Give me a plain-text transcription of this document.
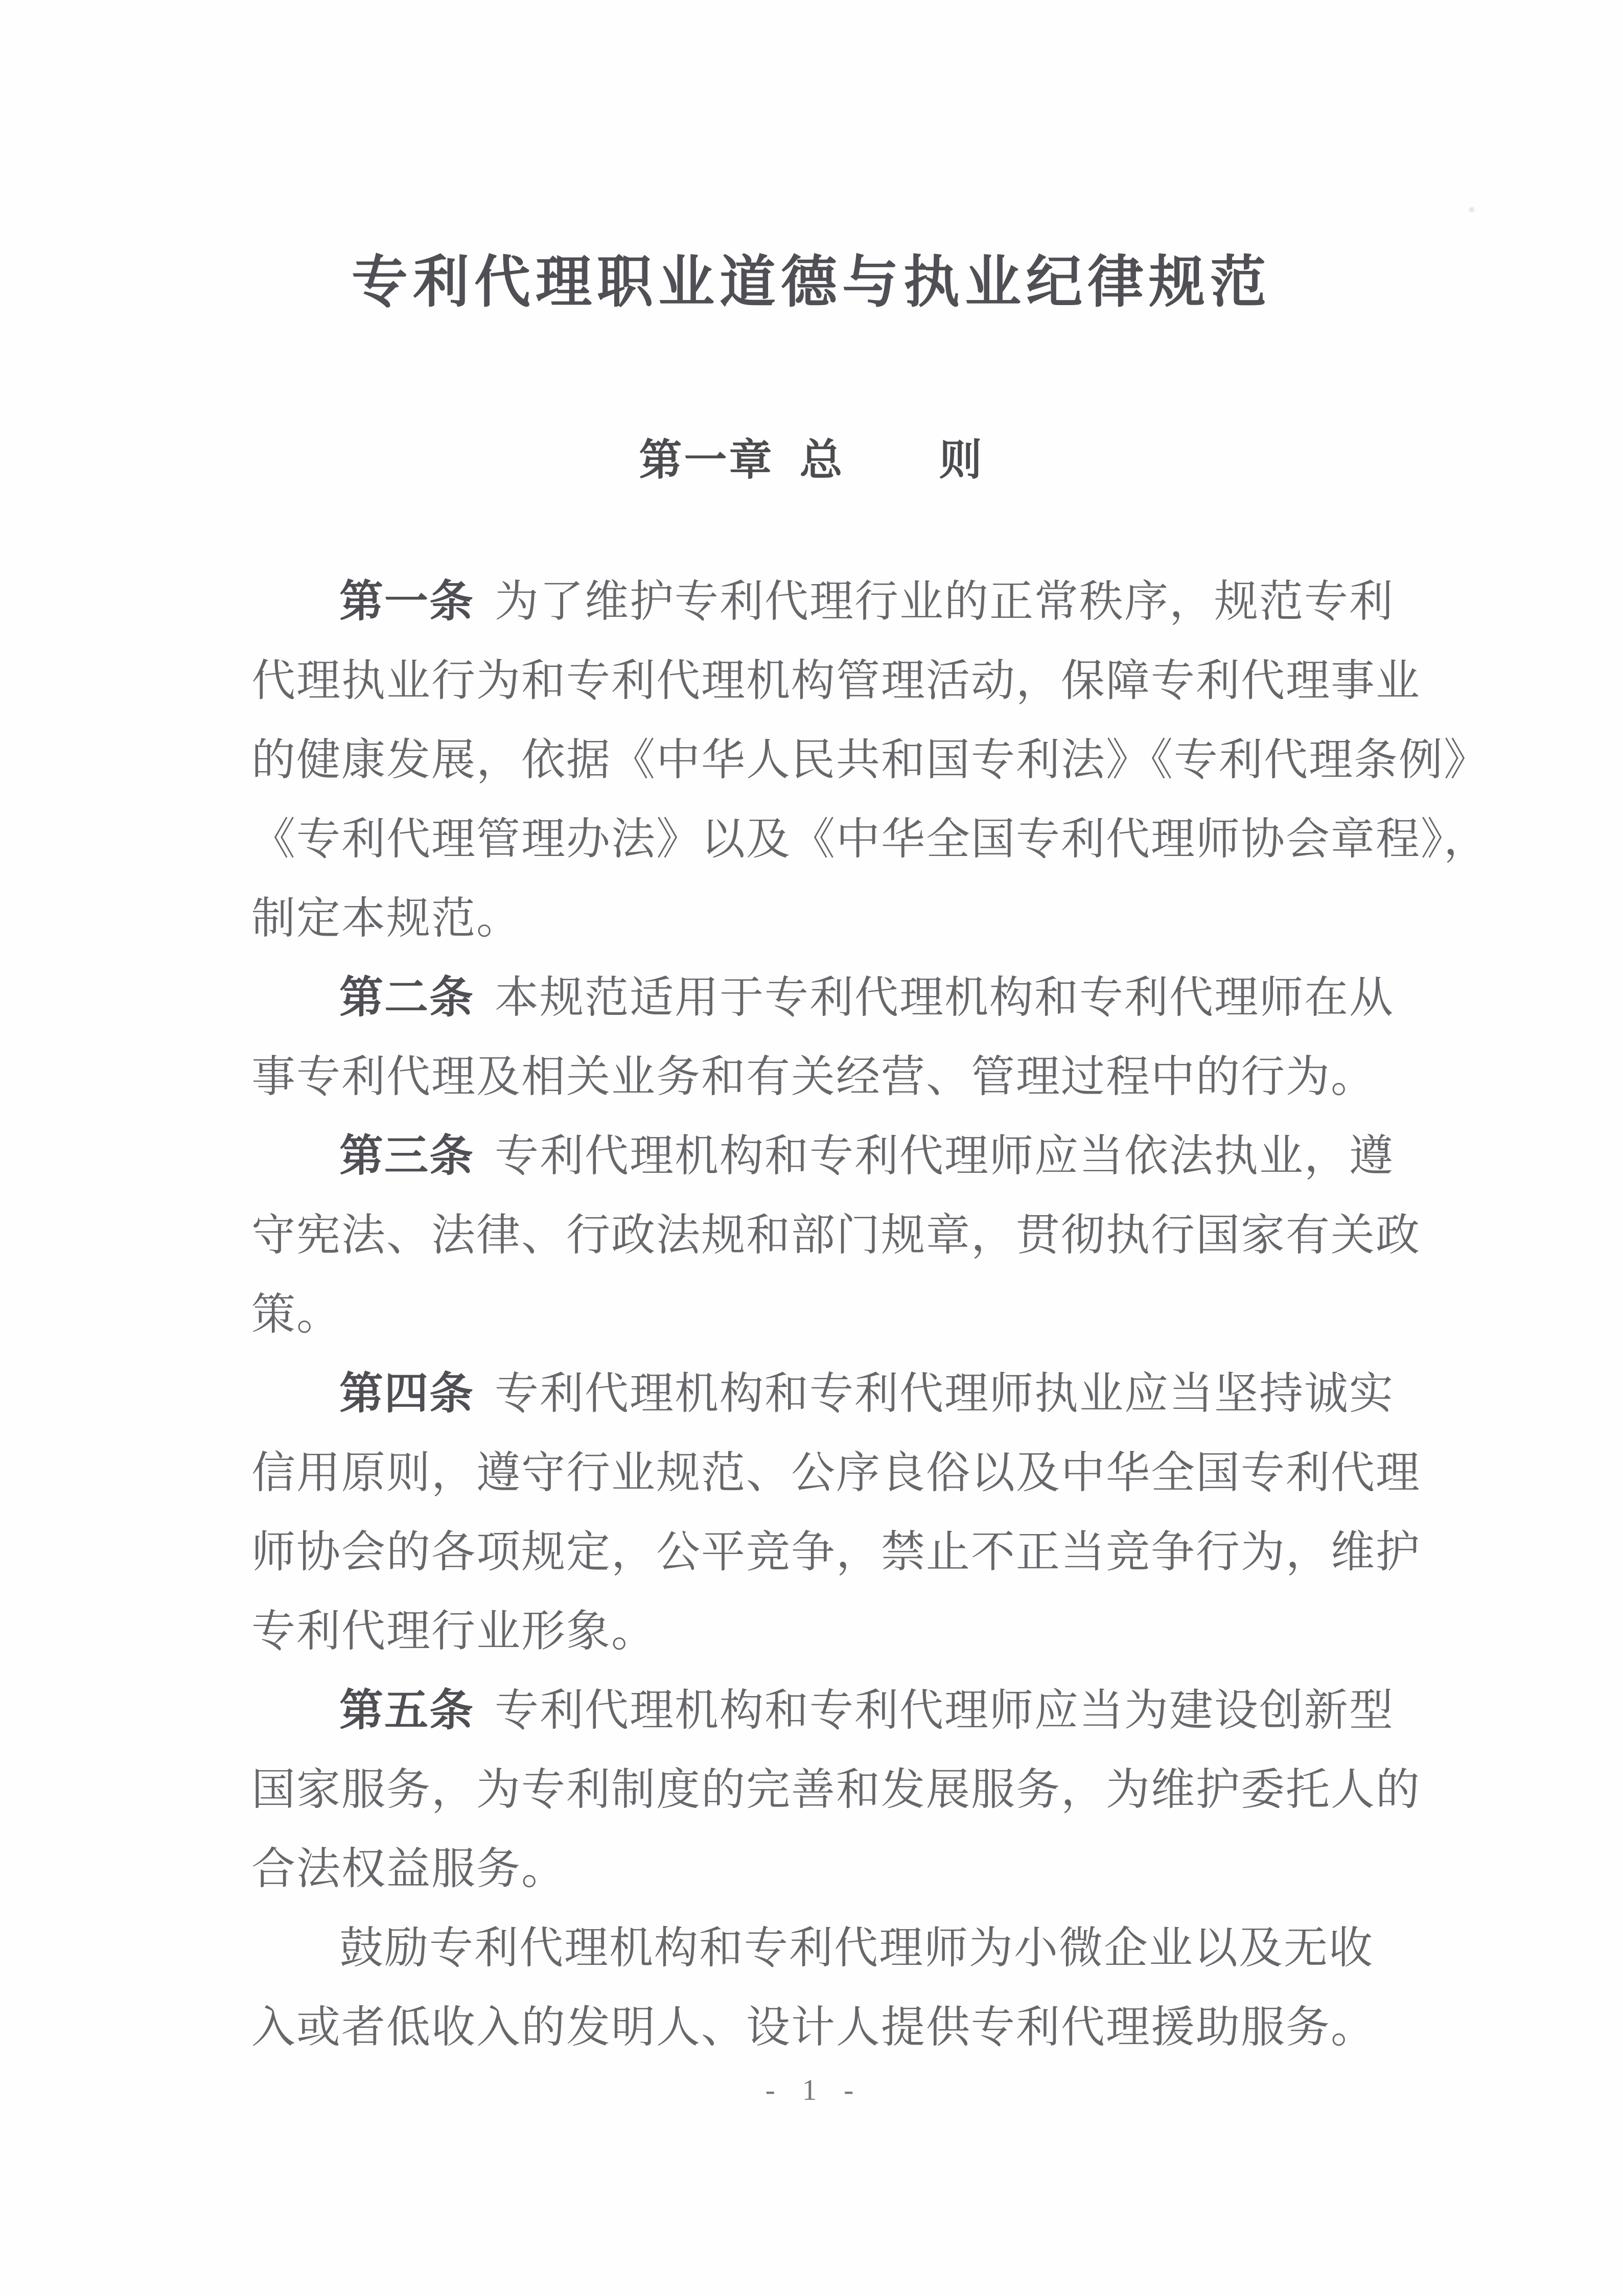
专利代理职业道德与执业纪律规范
第一章 总 则
第一条 为了维护专利代理行业的正常秩序，规范专利
代理执业行为和专利代理机构管理活动，保障专利代理事业
的健康发展，依据《中华人民共和国专利法》《专利代理条例》
《专利代理管理办法》以及《中华全国专利代理师协会章程》，
制定本规范。
第二条 本规范适用于专利代理机构和专利代理师在从
事专利代理及相关业务和有关经营、管理过程中的行为。
第三条 专利代理机构和专利代理师应当依法执业，遵
守宪法、法律、行政法规和部门规章，贯彻执行国家有关政
策。
第四条 专利代理机构和专利代理师执业应当坚持诚实
信用原则，遵守行业规范、公序良俗以及中华全国专利代理
师协会的各项规定，公平竞争，禁止不正当竞争行为，维护
专利代理行业形象。
第五条 专利代理机构和专利代理师应当为建设创新型
国家服务，为专利制度的完善和发展服务，为维护委托人的
合法权益服务。
鼓励专利代理机构和专利代理师为小微企业以及无收
入或者低收入的发明人、设计人提供专利代理援助服务。
- 1 -
